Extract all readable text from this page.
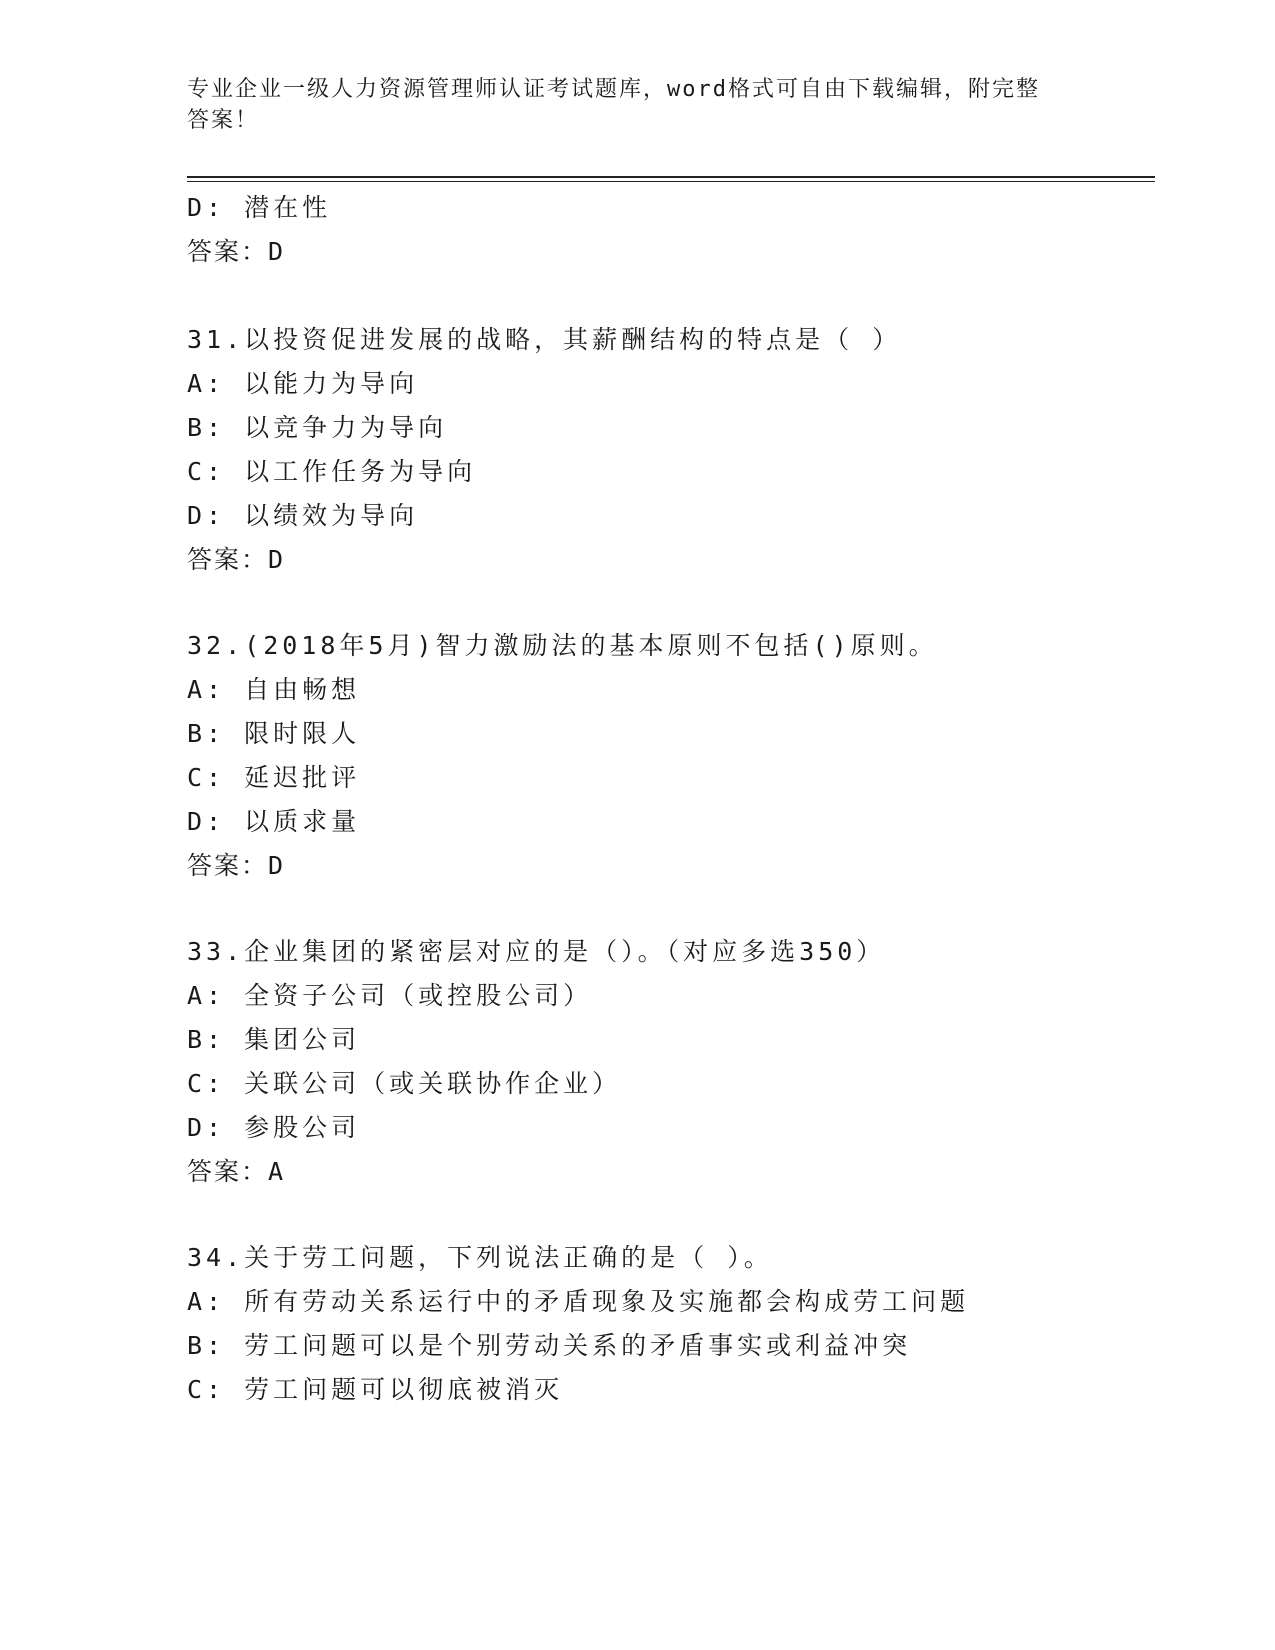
专业企业一级人力资源管理师认证考试题库，word格式可自由下载编辑，附完整
答案！
D: 潜在性
答案：D
31.以投资促进发展的战略，其薪酬结构的特点是（ ）
A: 以能力为导向
B: 以竞争力为导向
C: 以工作任务为导向
D: 以绩效为导向
答案：D
32.(2018年5月)智力激励法的基本原则不包括()原则。
A: 自由畅想
B: 限时限人
C: 延迟批评
D: 以质求量
答案：D
33.企业集团的紧密层对应的是（）。（对应多选350）
A: 全资子公司（或控股公司）
B: 集团公司
C: 关联公司（或关联协作企业）
D: 参股公司
答案：A
34.关于劳工问题，下列说法正确的是（ ）。
A: 所有劳动关系运行中的矛盾现象及实施都会构成劳工问题
B: 劳工问题可以是个别劳动关系的矛盾事实或利益冲突
C: 劳工问题可以彻底被消灭
